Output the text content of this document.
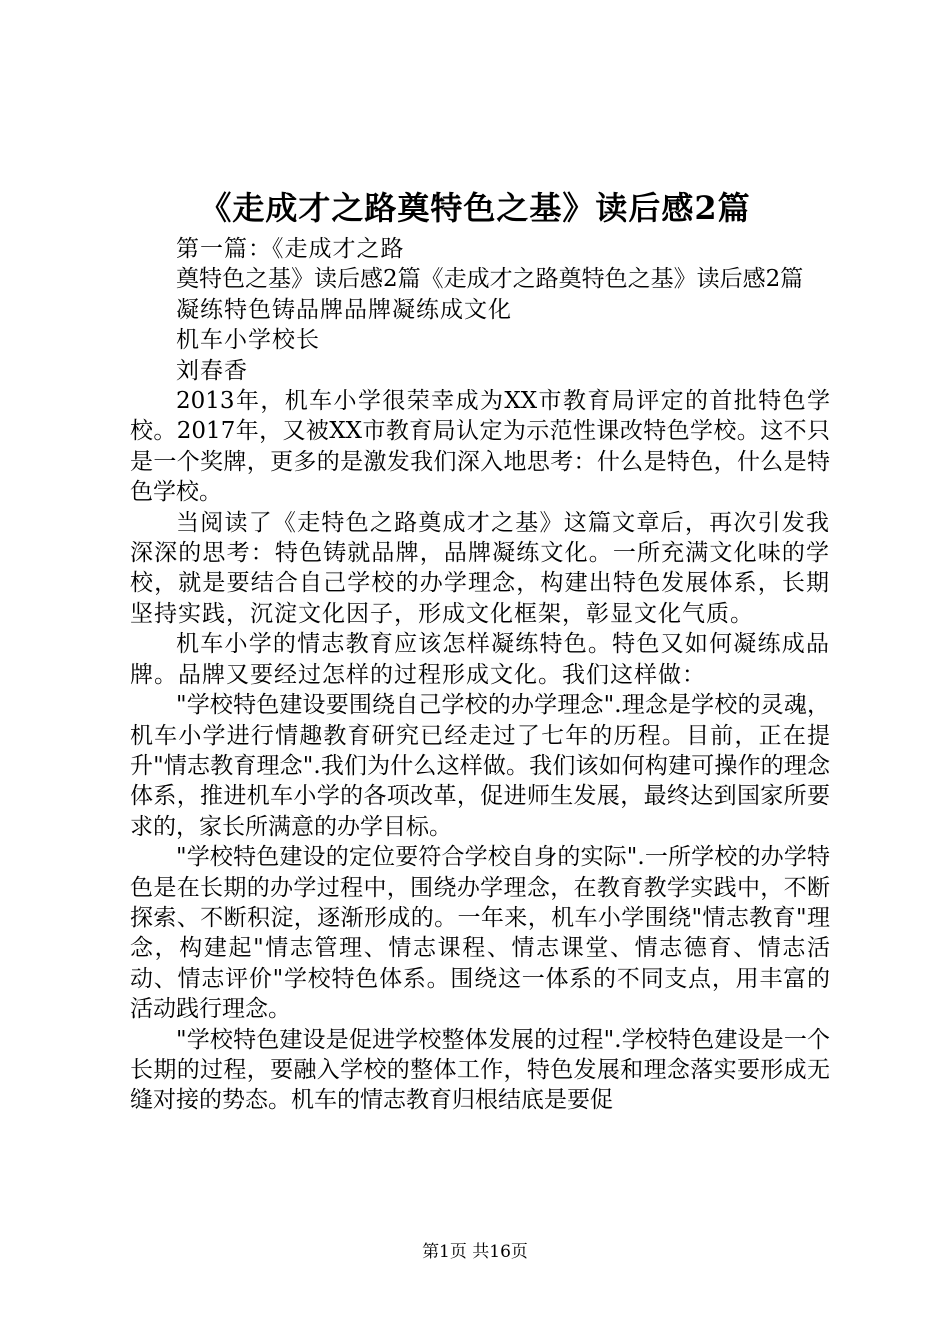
《走成才之路奠特色之基》读后感2篇

第一篇：《走成才之路

奠特色之基》读后感2篇《走成才之路奠特色之基》读后感2篇

凝练特色铸品牌品牌凝练成文化

机车小学校长

刘春香

2013年，机车小学很荣幸成为XX市教育局评定的首批特色学校。2017年，又被XX市教育局认定为示范性课改特色学校。这不只是一个奖牌，更多的是激发我们深入地思考：什么是特色，什么是特色学校。

当阅读了《走特色之路奠成才之基》这篇文章后，再次引发我深深的思考：特色铸就品牌，品牌凝练文化。一所充满文化味的学校，就是要结合自己学校的办学理念，构建出特色发展体系，长期坚持实践，沉淀文化因子，形成文化框架，彰显文化气质。

机车小学的情志教育应该怎样凝练特色。特色又如何凝练成品牌。品牌又要经过怎样的过程形成文化。我们这样做：

"学校特色建设要围绕自己学校的办学理念".理念是学校的灵魂，机车小学进行情趣教育研究已经走过了七年的历程。目前，正在提升"情志教育理念".我们为什么这样做。我们该如何构建可操作的理念体系，推进机车小学的各项改革，促进师生发展，最终达到国家所要求的，家长所满意的办学目标。

"学校特色建设的定位要符合学校自身的实际".一所学校的办学特色是在长期的办学过程中，围绕办学理念，在教育教学实践中，不断探索、不断积淀，逐渐形成的。一年来，机车小学围绕"情志教育"理念，构建起"情志管理、情志课程、情志课堂、情志德育、情志活动、情志评价"学校特色体系。围绕这一体系的不同支点，用丰富的活动践行理念。

"学校特色建设是促进学校整体发展的过程".学校特色建设是一个长期的过程，要融入学校的整体工作，特色发展和理念落实要形成无缝对接的势态。机车的情志教育归根结底是要促

第1页 共16页
